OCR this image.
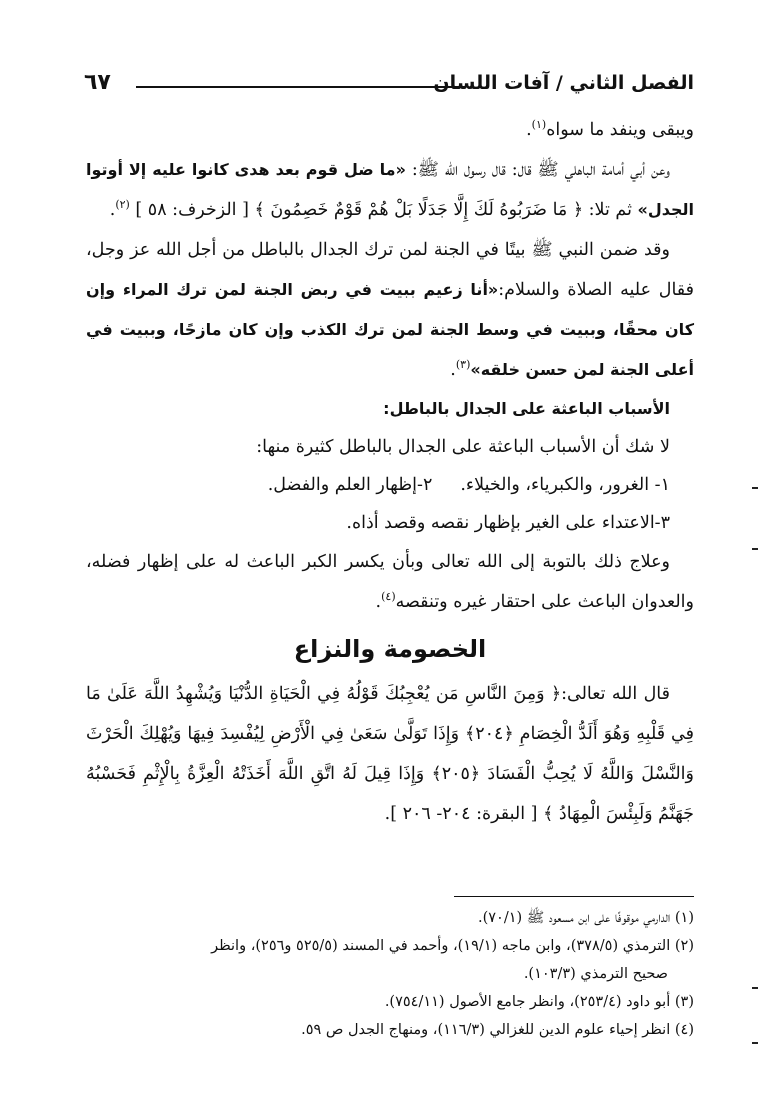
الفصل الثاني / آفات اللسان
٦٧

ويبقى وينفد ما سواه$^{(١)}$.

وعن أبي أمامة الباهلي ﷺ قال: قال رسول الله ﷺ: «ما ضل قوم بعد هدى كانوا عليه إلا أوتوا الجدل» ثم تلا: ﴿ مَا ضَرَبُوهُ لَكَ إِلَّا جَدَلًا بَلْ هُمْ قَوْمٌ خَصِمُونَ ﴾ [ الزخرف: ٥٨ ] $^{(٢)}$.

وقد ضمن النبي ﷺ بيتًا في الجنة لمن ترك الجدال بالباطل من أجل الله عز وجل، فقال عليه الصلاة والسلام:«أنا زعيم ببيت في ربض الجنة لمن ترك المراء وإن كان محقًا، وببيت في وسط الجنة لمن ترك الكذب وإن كان مازحًا، وببيت في أعلى الجنة لمن حسن خلقه»$^{(٣)}$.

الأسباب الباعثة على الجدال بالباطل:

لا شك أن الأسباب الباعثة على الجدال بالباطل كثيرة منها:

١- الغرور، والكبرياء، والخيلاء.٢-إظهار العلم والفضل.

٣-الاعتداء على الغير بإظهار نقصه وقصد أذاه.

وعلاج ذلك بالتوبة إلى الله تعالى وبأن يكسر الكبر الباعث له على إظهار فضله، والعدوان الباعث على احتقار غيره وتنقصه$^{(٤)}$.

الخصومة والنزاع

قال الله تعالى:﴿ وَمِنَ النَّاسِ مَن يُعْجِبُكَ قَوْلُهُ فِي الْحَيَاةِ الدُّنْيَا وَيُشْهِدُ اللَّهَ عَلَىٰ مَا فِي قَلْبِهِ وَهُوَ أَلَدُّ الْخِصَامِ ﴿٢٠٤﴾ وَإِذَا تَوَلَّىٰ سَعَىٰ فِي الْأَرْضِ لِيُفْسِدَ فِيهَا وَيُهْلِكَ الْحَرْثَ وَالنَّسْلَ وَاللَّهُ لَا يُحِبُّ الْفَسَادَ ﴿٢٠٥﴾ وَإِذَا قِيلَ لَهُ اتَّقِ اللَّهَ أَخَذَتْهُ الْعِزَّةُ بِالْإِثْمِ فَحَسْبُهُ جَهَنَّمُ وَلَبِئْسَ الْمِهَادُ ﴾ [ البقرة: ٢٠٤- ٢٠٦ ].

(١) الدارمي موقوفًا على ابن مسعود ﷺ (٧٠/١).

(٢) الترمذي (٣٧٨/٥)، وابن ماجه (١٩/١)، وأحمد في المسند (٥٢٥/٥ و٢٥٦)، وانظر

صحيح الترمذي (١٠٣/٣).

(٣) أبو داود (٢٥٣/٤)، وانظر جامع الأصول (٧٥٤/١١).

(٤) انظر إحياء علوم الدين للغزالي (١١٦/٣)، ومنهاج الجدل ص ٥٩.
